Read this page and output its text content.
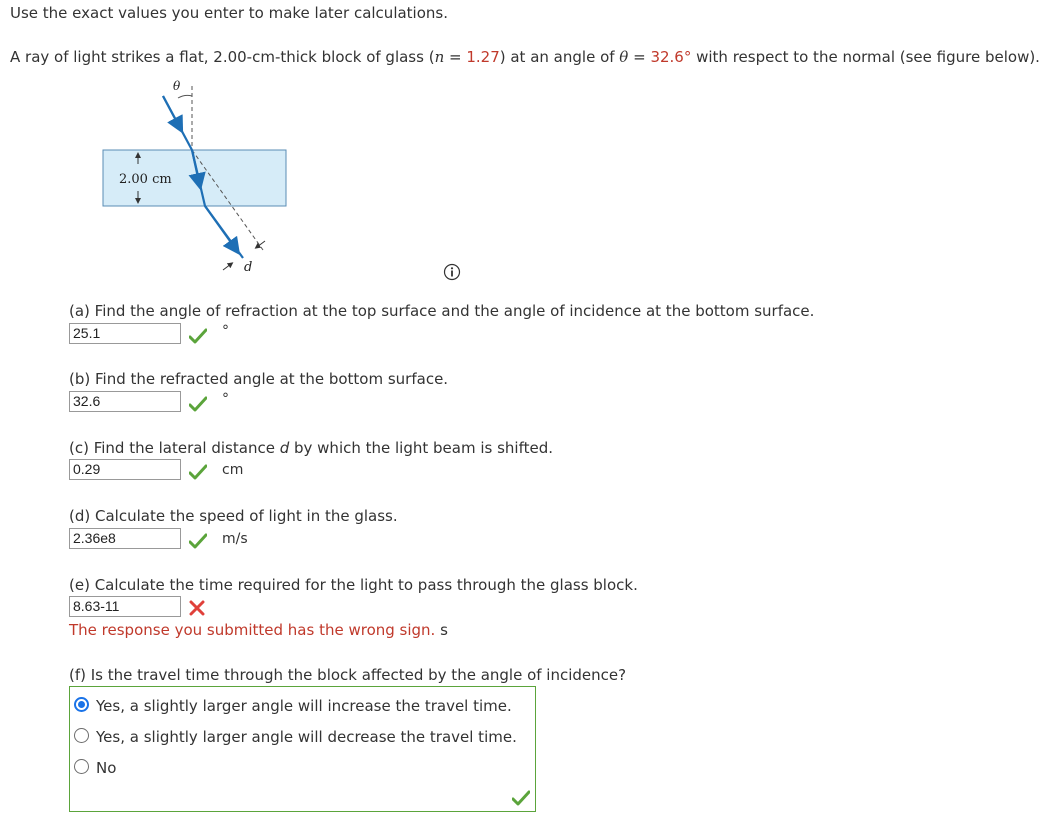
Use the exact values you enter to make later calculations.
A ray of light strikes a flat, 2.00-cm-thick block of glass (n = 1.27) at an angle of θ = 32.6° with respect to the normal (see figure below).
θ
2.00 cm
d
(a) Find the angle of refraction at the top surface and the angle of incidence at the bottom surface.
25.1	°
(b) Find the refracted angle at the bottom surface.
32.6	°
(c) Find the lateral distance d by which the light beam is shifted.
0.29	cm
(d) Calculate the speed of light in the glass.
2.36e8	m/s
(e) Calculate the time required for the light to pass through the glass block.
8.63-11
The response you submitted has the wrong sign. s
(f) Is the travel time through the block affected by the angle of incidence?
Yes, a slightly larger angle will increase the travel time.
Yes, a slightly larger angle will decrease the travel time.
No
